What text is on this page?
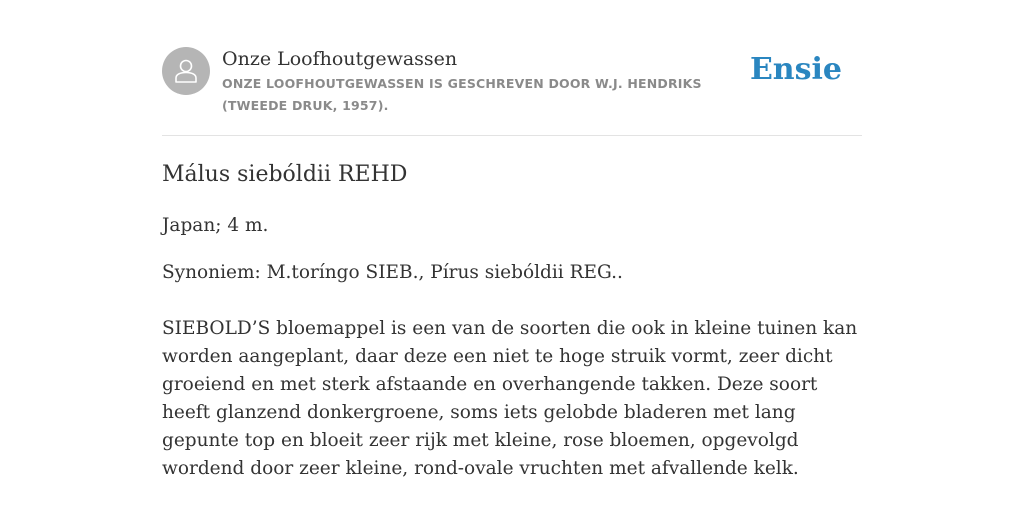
Onze Loofhoutgewassen
ONZE LOOFHOUTGEWASSEN IS GESCHREVEN DOOR W.J. HENDRIKS (TWEEDE DRUK, 1957).
Ensie
Málus siebóldii REHD
Japan; 4 m.
Synoniem: M.toríngo SIEB., Pírus siebóldii REG..

SIEBOLD’S bloemappel is een van de soorten die ook in kleine tuinen kan worden aangeplant, daar deze een niet te hoge struik vormt, zeer dicht groeiend en met sterk afstaande en overhangende takken. Deze soort heeft glanzend donkergroene, soms iets gelobde bladeren met lang gepunte top en bloeit zeer rijk met kleine, rose bloemen, opgevolgd wordend door zeer kleine, rond-ovale vruchten met afvallende kelk.
